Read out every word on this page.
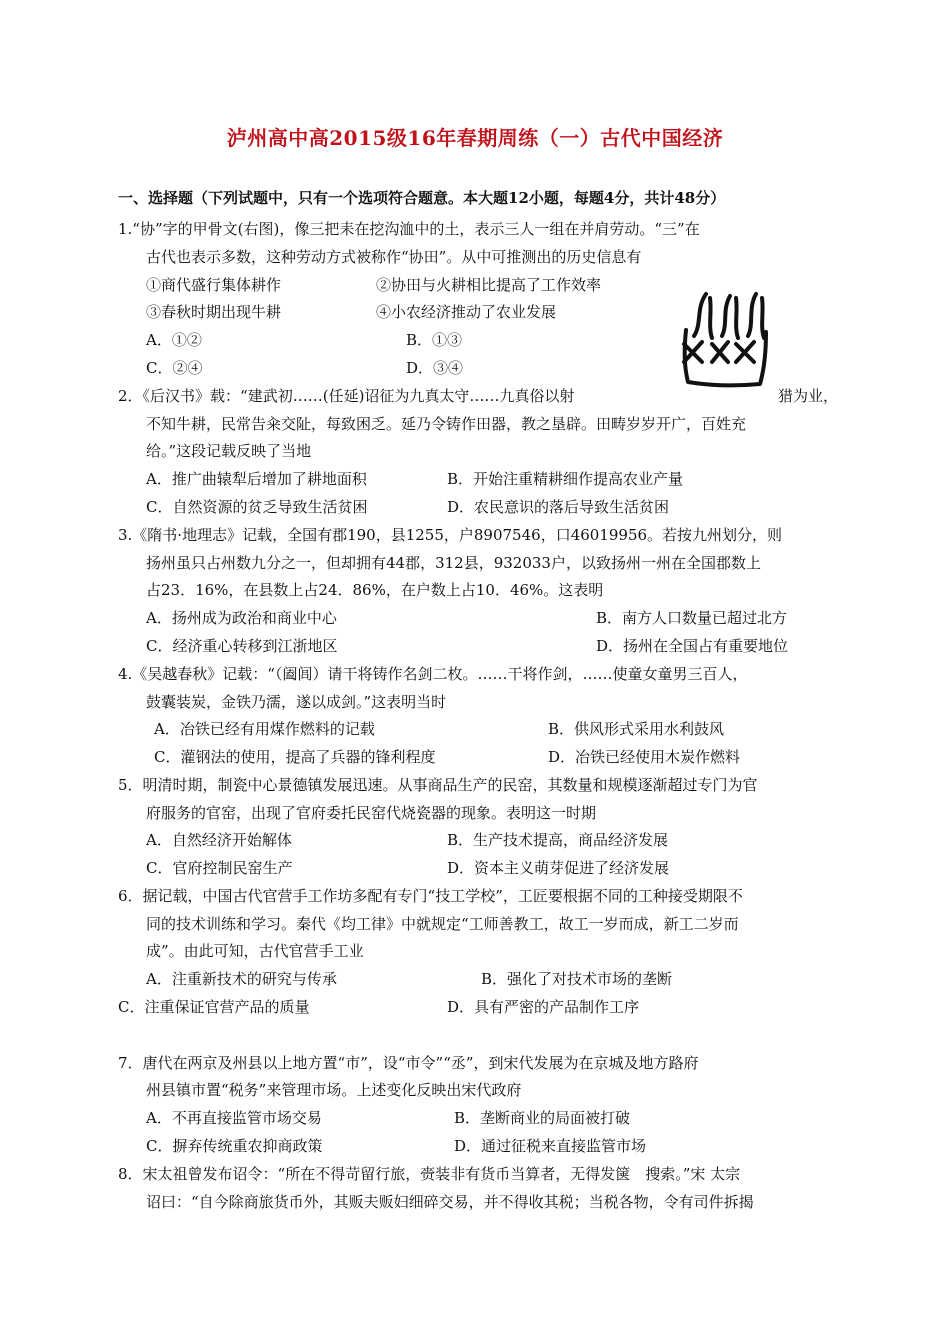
泸州高中高2015级16年春期周练（一）古代中国经济
一、选择题（下列试题中，只有一个选项符合题意。本大题12小题，每题4分，共计48分）
1.“协”字的甲骨文(右图)，像三把耒在挖沟洫中的土，表示三人一组在并肩劳动。“三”在
古代也表示多数，这种劳动方式被称作“协田”。从中可推测出的历史信息有
①商代盛行集体耕作	②协田与火耕相比提高了工作效率
③春秋时期出现牛耕	④小农经济推动了农业发展
A．①②	B．①③
C．②④	D．③④
2．《后汉书》载：“建武初……(任延)诏征为九真太守……九真俗以射	猎为业，
不知牛耕，民常告籴交阯，每致困乏。延乃令铸作田器，教之垦辟。田畴岁岁开广，百姓充
给。”这段记载反映了当地
A．推广曲辕犁后增加了耕地面积	B．开始注重精耕细作提高农业产量
C．自然资源的贫乏导致生活贫困	D．农民意识的落后导致生活贫困
3.《隋书·地理志》记载，全国有郡190，县1255，户8907546，口46019956。若按九州划分，则
扬州虽只占州数九分之一，但却拥有44郡，312县，932033户，以致扬州一州在全国郡数上
占23．16%，在县数上占24．86%，在户数上占10．46%。这表明
A．扬州成为政治和商业中心	B．南方人口数量已超过北方
C．经济重心转移到江浙地区	D．扬州在全国占有重要地位
4.《吴越春秋》记载：“（阖闾）请干将铸作名剑二枚。……干将作剑，……使童女童男三百人，
鼓囊装炭，金铁乃濡，遂以成剑。”这表明当时
A．冶铁已经有用煤作燃料的记载	B．供风形式采用水利鼓风
C．灌钢法的使用，提高了兵器的锋利程度	D．冶铁已经使用木炭作燃料
5．明清时期，制瓷中心景德镇发展迅速。从事商品生产的民窑，其数量和规模逐渐超过专门为官
府服务的官窑，出现了官府委托民窑代烧瓷器的现象。表明这一时期
A．自然经济开始解体	B．生产技术提高，商品经济发展
C．官府控制民窑生产	D．资本主义萌芽促进了经济发展
6．据记载，中国古代官营手工作坊多配有专门“技工学校”，工匠要根据不同的工种接受期限不
同的技术训练和学习。秦代《均工律》中就规定“工师善教工，故工一岁而成，新工二岁而
成”。由此可知，古代官营手工业
A．注重新技术的研究与传承	B．强化了对技术市场的垄断
C．注重保证官营产品的质量	D．具有严密的产品制作工序
7．唐代在两京及州县以上地方置“市”，设“市令”“丞”，到宋代发展为在京城及地方路府
州县镇市置“税务”来管理市场。上述变化反映出宋代政府
A．不再直接监管市场交易	B．垄断商业的局面被打破
C．摒弃传统重农抑商政策	D．通过征税来直接监管市场
8．宋太祖曾发布诏令：“所在不得苛留行旅，赍装非有货币当算者，无得发箧　搜索。”宋 太宗
诏曰：“自今除商旅货币外，其贩夫贩妇细碎交易，并不得收其税；当税各物，令有司件拆揭
